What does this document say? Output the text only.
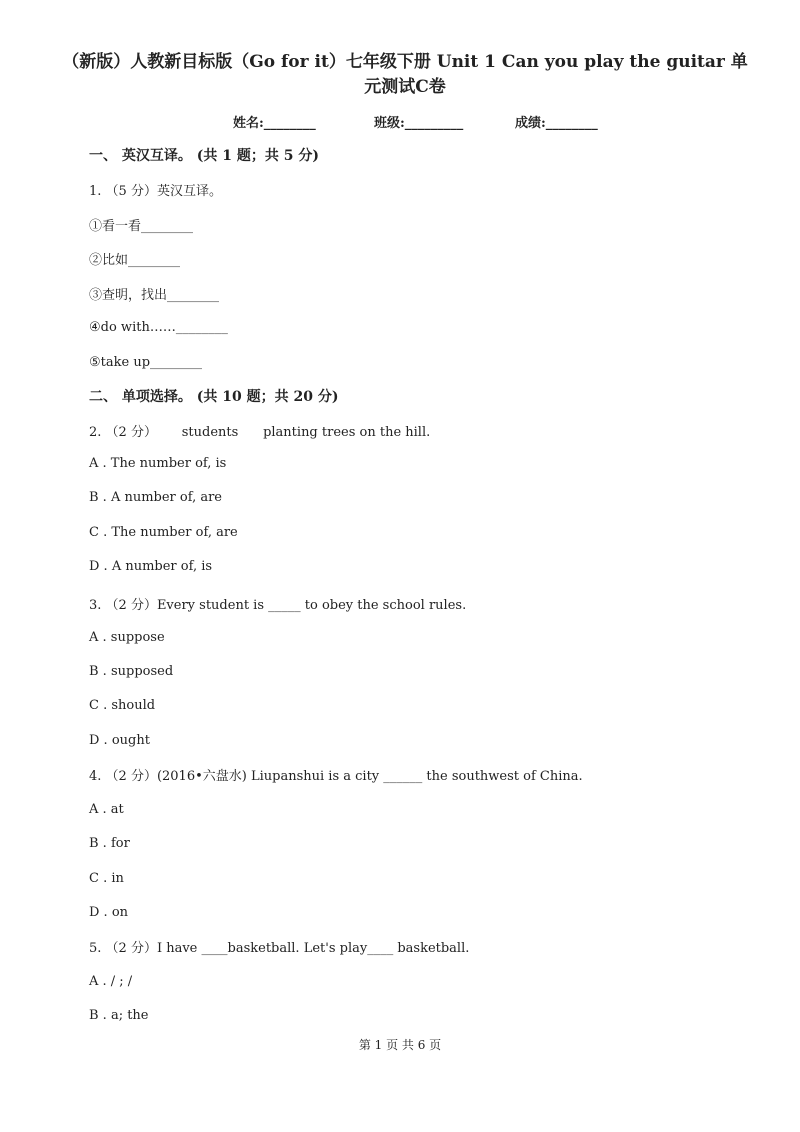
（新版）人教新目标版（Go for it）七年级下册 Unit 1 Can you play the guitar 单元测试C卷
姓名:________	班级:_________	成绩:________
一、 英汉互译。 (共 1 题；共 5 分)
1. （5 分）英汉互译。
①看一看________
②比如________
③查明，找出________
④do with……________
⑤take up________
二、 单项选择。 (共 10 题；共 20 分)
2. （2 分）      students      planting trees on the hill.
A . The number of, is
B . A number of, are
C . The number of, are
D . A number of, is
3. （2 分）Every student is _____ to obey the school rules.
A . suppose
B . supposed
C . should
D . ought
4. （2 分）(2016•六盘水) Liupanshui is a city ______ the southwest of China.
A . at
B . for
C . in
D . on
5. （2 分）I have ____basketball. Let's play____ basketball.
A . / ; /
B . a; the
第 1 页 共 6 页
